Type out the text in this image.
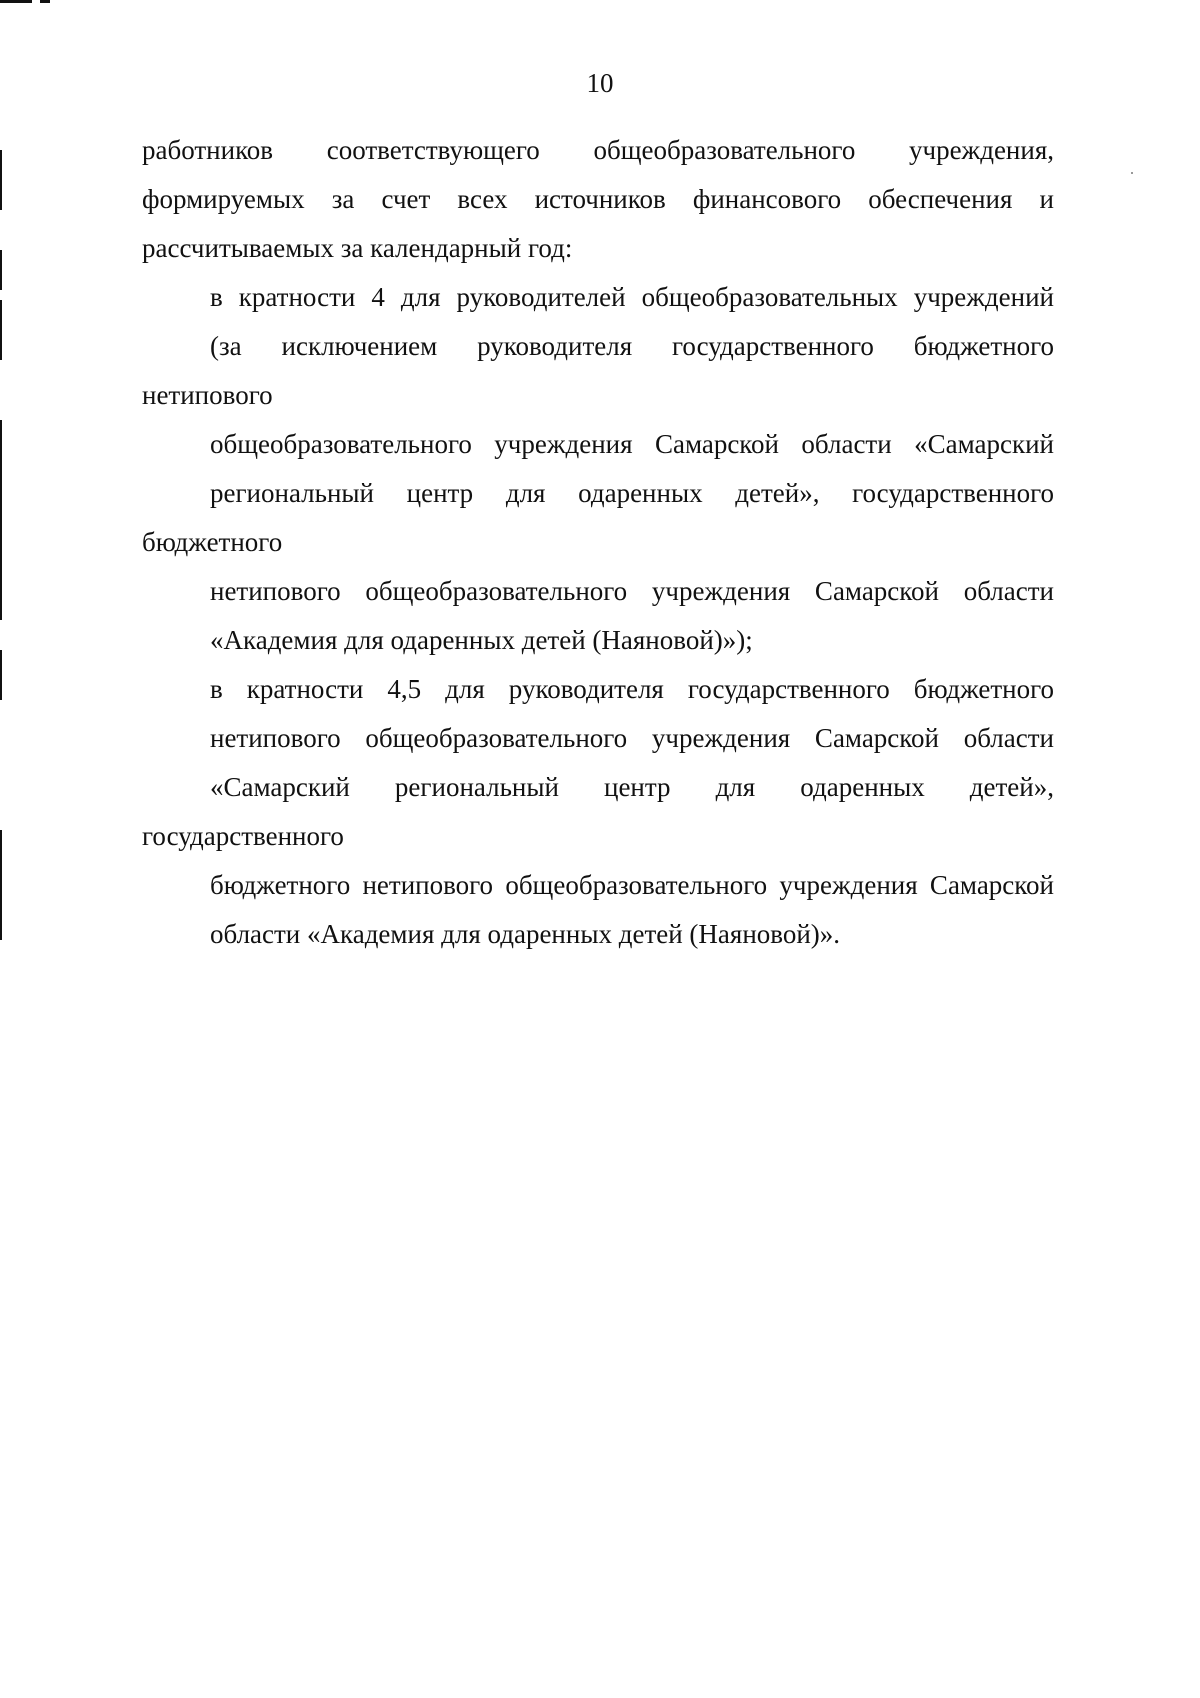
10

работников соответствующего общеобразовательного учреждения,
формируемых за счет всех источников финансового обеспечения и
рассчитываемых за календарный год:

в кратности 4 для руководителей общеобразовательных учреждений
(за исключением руководителя государственного бюджетного нетипового
общеобразовательного учреждения Самарской области «Самарский
региональный центр для одаренных детей», государственного бюджетного
нетипового общеобразовательного учреждения Самарской области
«Академия для одаренных детей (Наяновой)»);

в кратности 4,5 для руководителя государственного бюджетного
нетипового общеобразовательного учреждения Самарской области
«Самарский региональный центр для одаренных детей», государственного
бюджетного нетипового общеобразовательного учреждения Самарской
области «Академия для одаренных детей (Наяновой)».
